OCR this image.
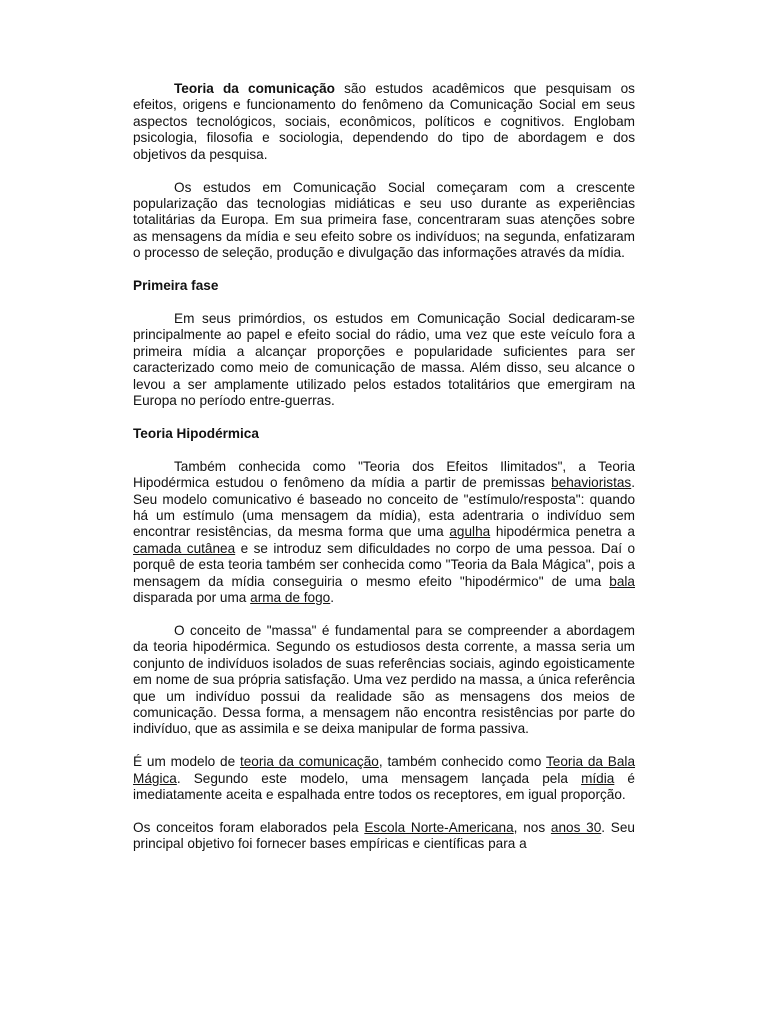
Teoria da comunicação são estudos acadêmicos que pesquisam os efeitos, origens e funcionamento do fenômeno da Comunicação Social em seus aspectos tecnológicos, sociais, econômicos, políticos e cognitivos. Englobam psicologia, filosofia e sociologia, dependendo do tipo de abordagem e dos objetivos da pesquisa.

Os estudos em Comunicação Social começaram com a crescente popularização das tecnologias midiáticas e seu uso durante as experiências totalitárias da Europa. Em sua primeira fase, concentraram suas atenções sobre as mensagens da mídia e seu efeito sobre os indivíduos; na segunda, enfatizaram o processo de seleção, produção e divulgação das informações através da mídia.

Primeira fase

Em seus primórdios, os estudos em Comunicação Social dedicaram-se principalmente ao papel e efeito social do rádio, uma vez que este veículo fora a primeira mídia a alcançar proporções e popularidade suficientes para ser caracterizado como meio de comunicação de massa. Além disso, seu alcance o levou a ser amplamente utilizado pelos estados totalitários que emergiram na Europa no período entre-guerras.

Teoria Hipodérmica

Também conhecida como "Teoria dos Efeitos Ilimitados", a Teoria Hipodérmica estudou o fenômeno da mídia a partir de premissas behavioristas. Seu modelo comunicativo é baseado no conceito de "estímulo/resposta": quando há um estímulo (uma mensagem da mídia), esta adentraria o indivíduo sem encontrar resistências, da mesma forma que uma agulha hipodérmica penetra a camada cutânea e se introduz sem dificuldades no corpo de uma pessoa. Daí o porquê de esta teoria também ser conhecida como "Teoria da Bala Mágica", pois a mensagem da mídia conseguiria o mesmo efeito "hipodérmico" de uma bala disparada por uma arma de fogo.

O conceito de "massa" é fundamental para se compreender a abordagem da teoria hipodérmica. Segundo os estudiosos desta corrente, a massa seria um conjunto de indivíduos isolados de suas referências sociais, agindo egoisticamente em nome de sua própria satisfação. Uma vez perdido na massa, a única referência que um indivíduo possui da realidade são as mensagens dos meios de comunicação. Dessa forma, a mensagem não encontra resistências por parte do indivíduo, que as assimila e se deixa manipular de forma passiva.

É um modelo de teoria da comunicação, também conhecido como Teoria da Bala Mágica. Segundo este modelo, uma mensagem lançada pela mídia é imediatamente aceita e espalhada entre todos os receptores, em igual proporção.

Os conceitos foram elaborados pela Escola Norte-Americana, nos anos 30. Seu principal objetivo foi fornecer bases empíricas e científicas para a
